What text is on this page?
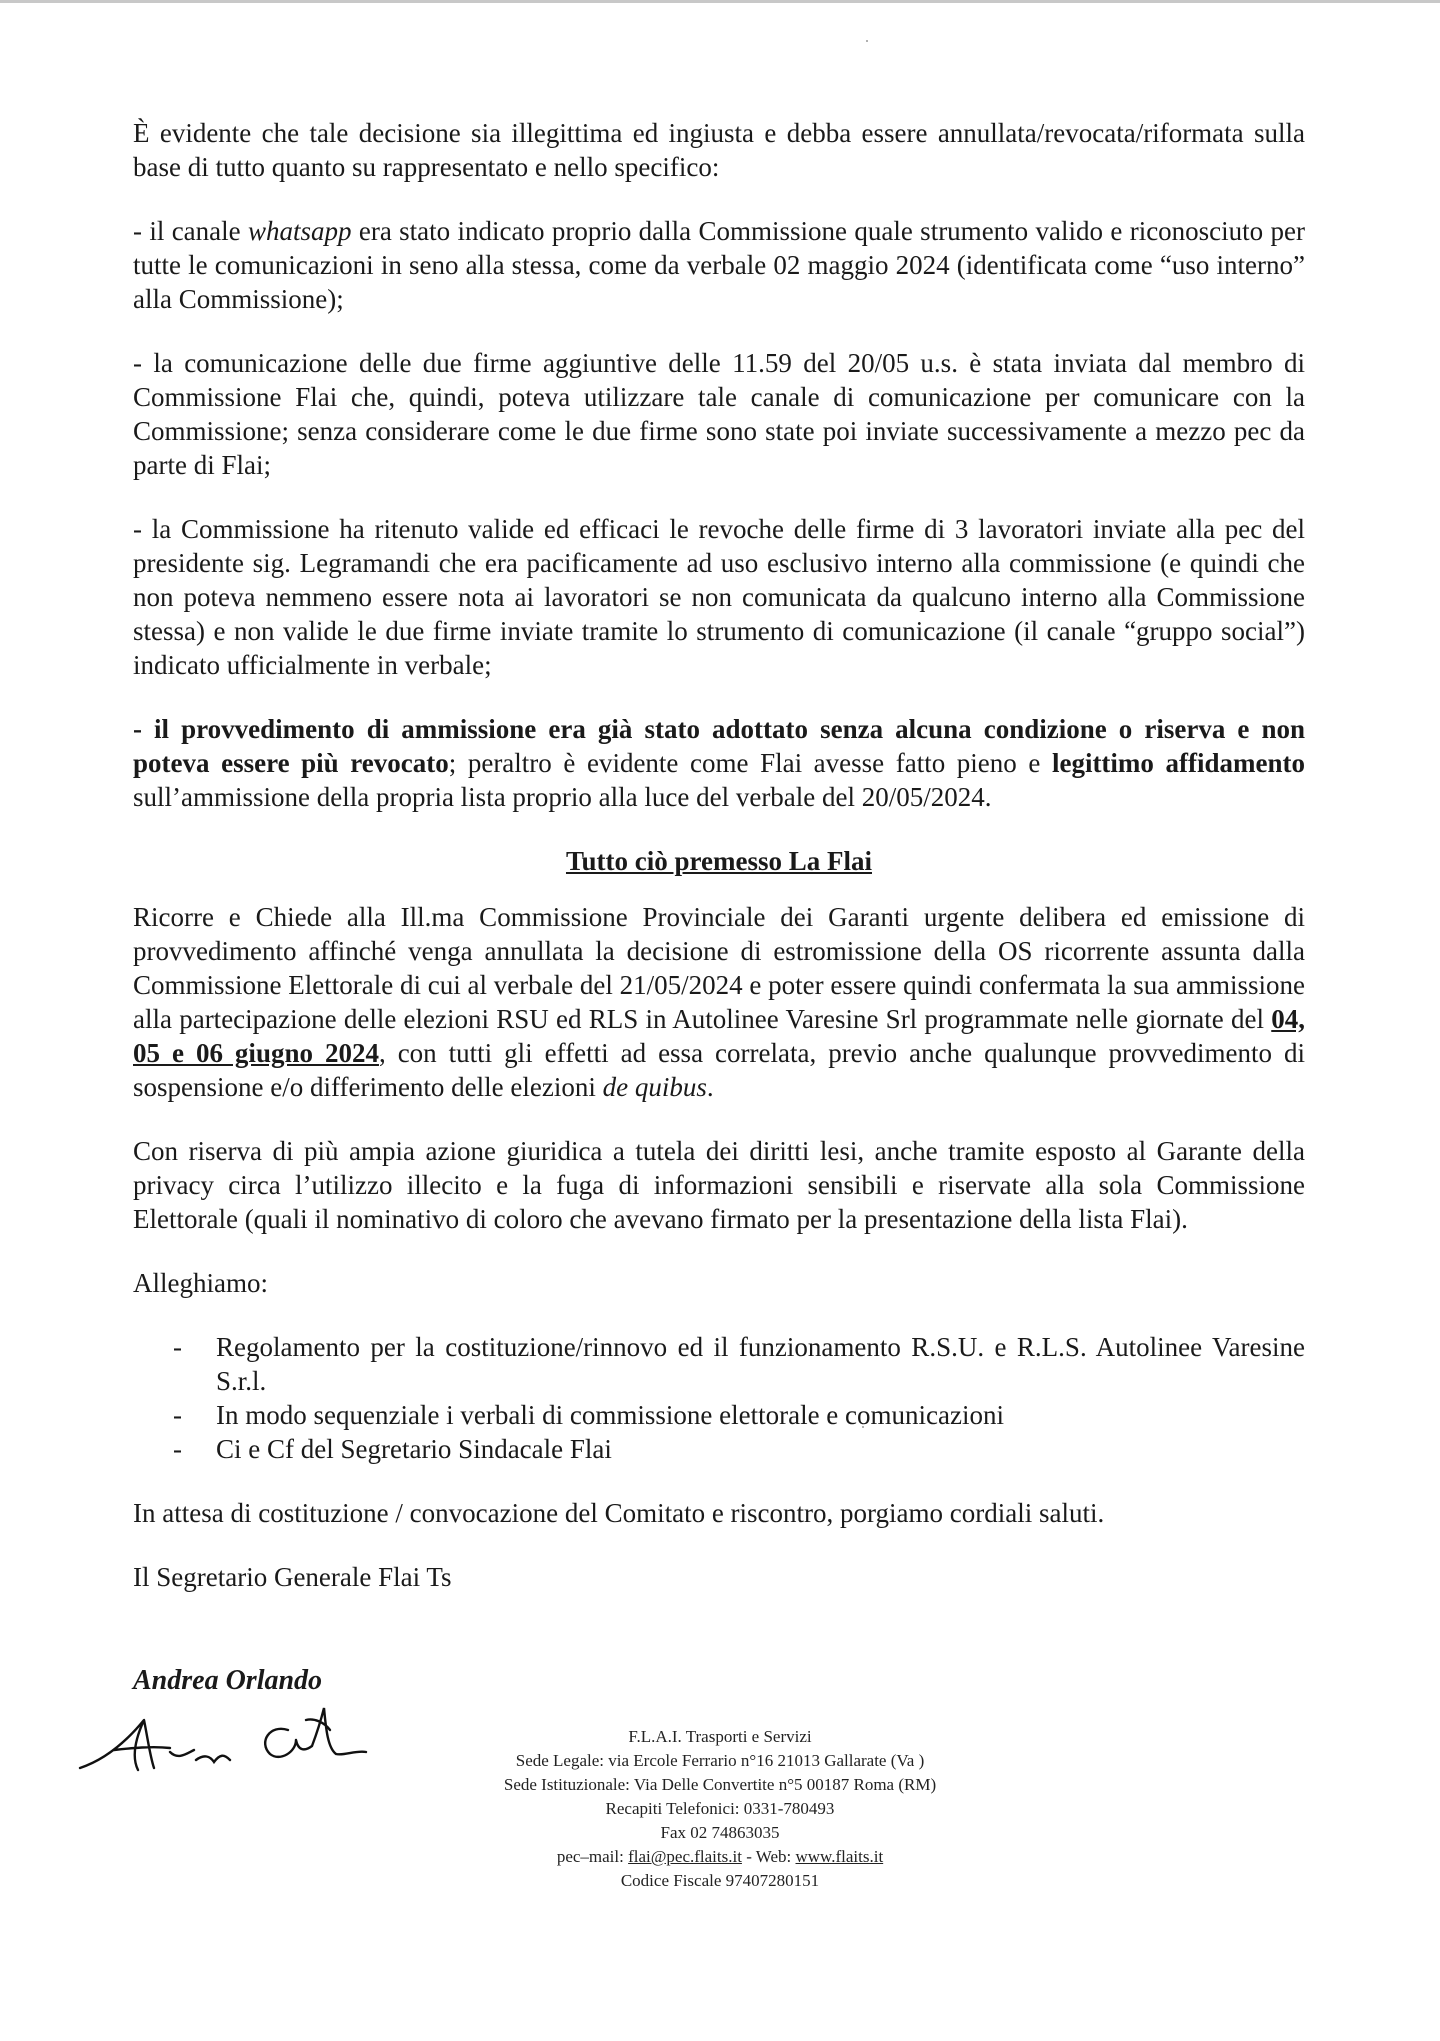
È evidente che tale decisione sia illegittima ed ingiusta e debba essere annullata/revocata/riformata sulla base di tutto quanto su rappresentato e nello specifico:

- il canale whatsapp era stato indicato proprio dalla Commissione quale strumento valido e riconosciuto per tutte le comunicazioni in seno alla stessa, come da verbale 02 maggio 2024 (identificata come “uso interno” alla Commissione);

- la comunicazione delle due firme aggiuntive delle 11.59 del 20/05 u.s. è stata inviata dal membro di Commissione Flai che, quindi, poteva utilizzare tale canale di comunicazione per comunicare con la Commissione; senza considerare come le due firme sono state poi inviate successivamente a mezzo pec da parte di Flai;

- la Commissione ha ritenuto valide ed efficaci le revoche delle firme di 3 lavoratori inviate alla pec del presidente sig. Legramandi che era pacificamente ad uso esclusivo interno alla commissione (e quindi che non poteva nemmeno essere nota ai lavoratori se non comunicata da qualcuno interno alla Commissione stessa) e non valide le due firme inviate tramite lo strumento di comunicazione (il canale “gruppo social”) indicato ufficialmente in verbale;

- il provvedimento di ammissione era già stato adottato senza alcuna condizione o riserva e non poteva essere più revocato; peraltro è evidente come Flai avesse fatto pieno e legittimo affidamento sull’ammissione della propria lista proprio alla luce del verbale del 20/05/2024.

Tutto ciò premesso La Flai

Ricorre e Chiede alla Ill.ma Commissione Provinciale dei Garanti urgente delibera ed emissione di provvedimento affinché venga annullata la decisione di estromissione della OS ricorrente assunta dalla Commissione Elettorale di cui al verbale del 21/05/2024 e poter essere quindi confermata la sua ammissione alla partecipazione delle elezioni RSU ed RLS in Autolinee Varesine Srl programmate nelle giornate del 04, 05 e 06 giugno 2024, con tutti gli effetti ad essa correlata, previo anche qualunque provvedimento di sospensione e/o differimento delle elezioni de quibus.

Con riserva di più ampia azione giuridica a tutela dei diritti lesi, anche tramite esposto al Garante della privacy circa l’utilizzo illecito e la fuga di informazioni sensibili e riservate alla sola Commissione Elettorale (quali il nominativo di coloro che avevano firmato per la presentazione della lista Flai).

Alleghiamo:

- Regolamento per la costituzione/rinnovo ed il funzionamento R.S.U. e R.L.S. Autolinee Varesine S.r.l.
- In modo sequenziale i verbali di commissione elettorale e comunicazioni
- Ci e Cf del Segretario Sindacale Flai

In attesa di costituzione / convocazione del Comitato e riscontro, porgiamo cordiali saluti.

Il Segretario Generale Flai Ts

Andrea Orlando
F.L.A.I. Trasporti e Servizi
Sede Legale: via Ercole Ferrario n°16 21013 Gallarate (Va )
Sede Istituzionale: Via Delle Convertite n°5 00187 Roma (RM)
Recapiti Telefonici: 0331-780493
Fax 02 74863035
pec–mail: flai@pec.flaits.it - Web: www.flaits.it
Codice Fiscale 97407280151
